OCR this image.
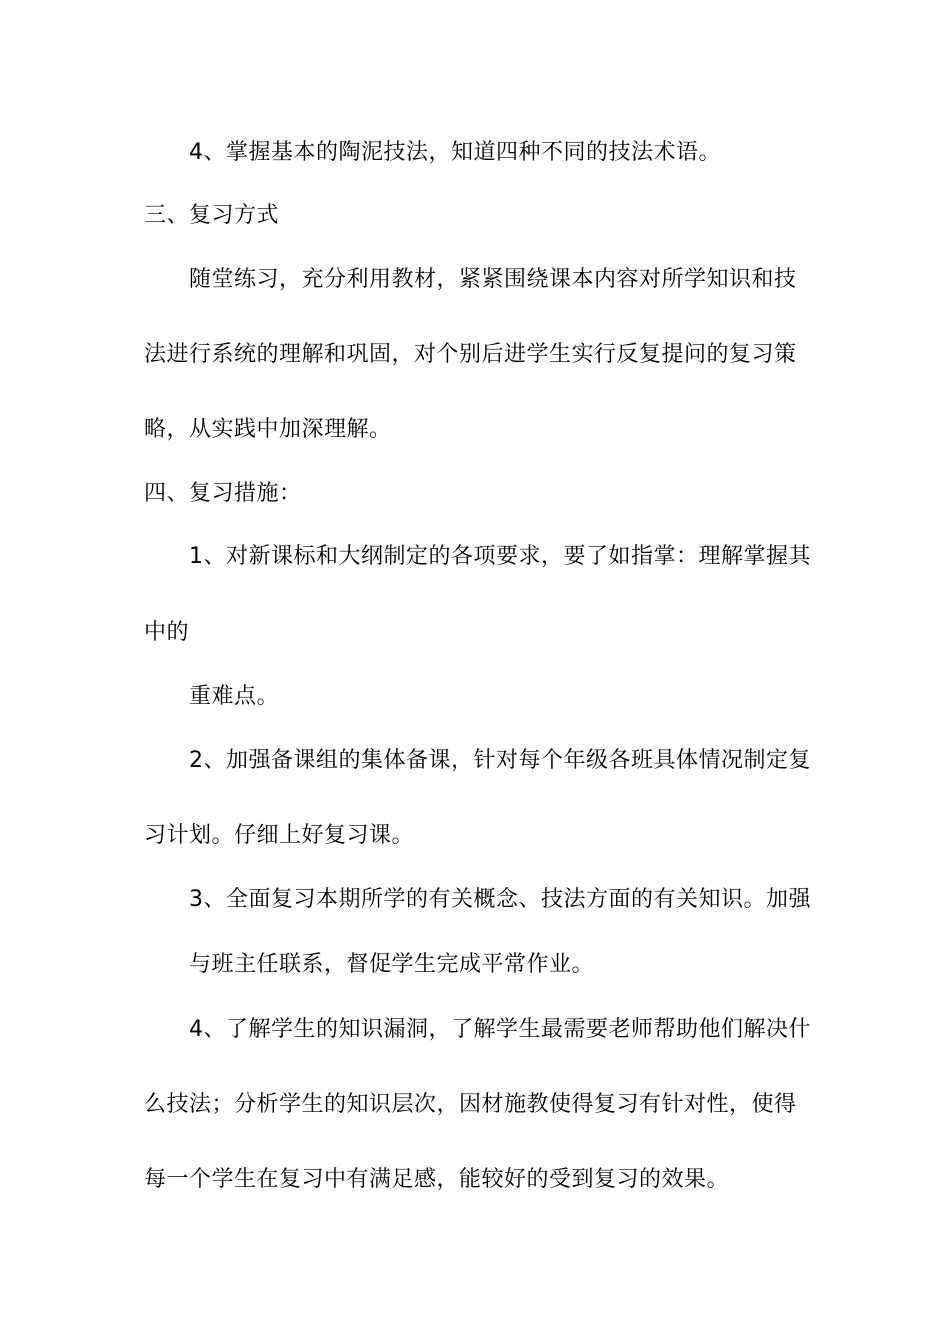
4、掌握基本的陶泥技法，知道四种不同的技法术语。
三、复习方式
随堂练习，充分利用教材，紧紧围绕课本内容对所学知识和技
法进行系统的理解和巩固，对个别后进学生实行反复提问的复习策
略，从实践中加深理解。
四、复习措施：
1、对新课标和大纲制定的各项要求，要了如指掌：理解掌握其
中的
重难点。
2、加强备课组的集体备课，针对每个年级各班具体情况制定复
习计划。仔细上好复习课。
3、全面复习本期所学的有关概念、技法方面的有关知识。加强
与班主任联系，督促学生完成平常作业。
4、了解学生的知识漏洞，了解学生最需要老师帮助他们解决什
么技法；分析学生的知识层次，因材施教使得复习有针对性，使得
每一个学生在复习中有满足感，能较好的受到复习的效果。
